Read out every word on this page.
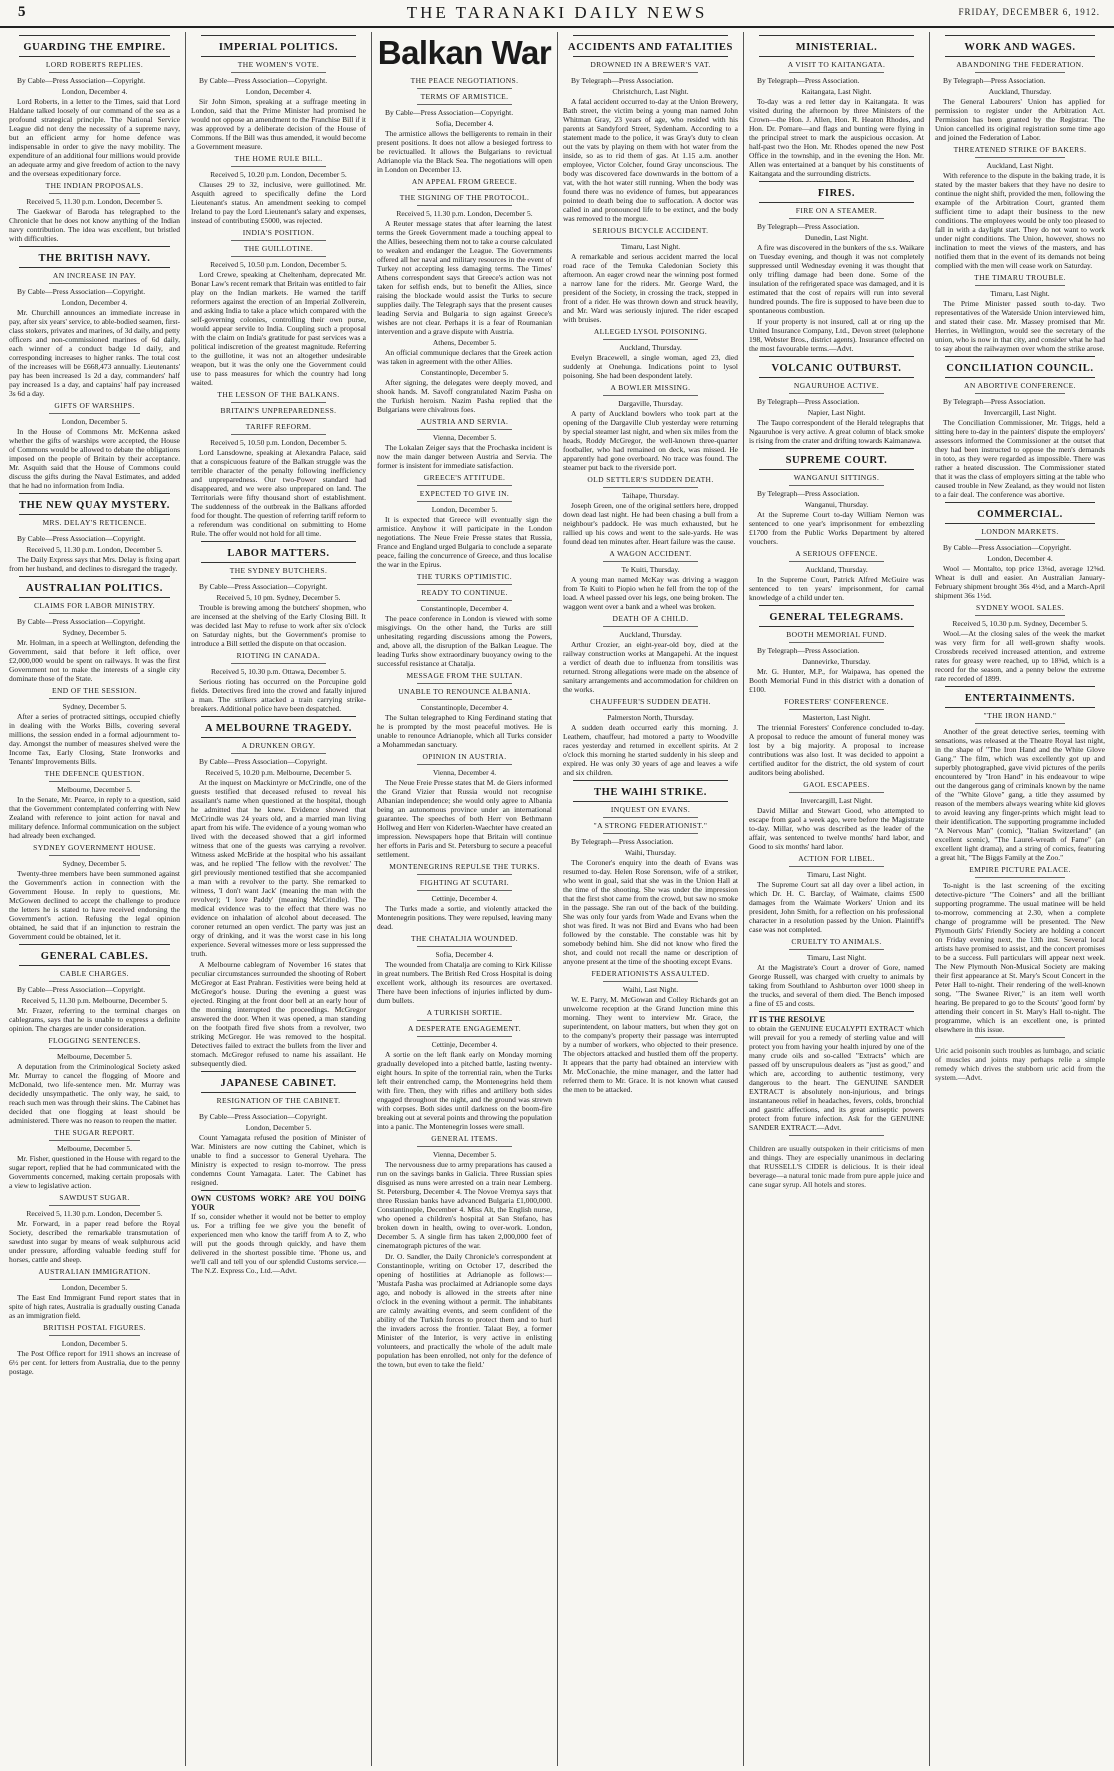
5	THE TARANAKI DAILY NEWS	FRIDAY, DECEMBER 6, 1912.
GUARDING THE EMPIRE.
LORD ROBERTS REPLIES.
By Cable—Press Association—Copyright.
London, December 4.

Lord Roberts, in a letter to the Times, said that Lord Haldane talked loosely of our command of the sea as a profound strategical principle. The National Service League did not deny the necessity of a supreme navy, but an efficient army for home defence was indispensable in order to give the navy mobility. The expenditure of an additional four millions would provide an adequate army and give freedom of action to the navy and the overseas expeditionary force.

THE INDIAN PROPOSALS.
Received 5, 11.30 p.m. London, December 5.

The Gaekwar of Baroda has telegraphed to the Chronicle that he does not know anything of the Indian navy contribution. The idea was excellent, but bristled with difficulties.

THE BRITISH NAVY.
AN INCREASE IN PAY.
By Cable—Press Association—Copyright.
London, December 4.

Mr. Churchill announces an immediate increase in pay, after six years' service, to able-bodied seamen, first-class stokers, privates and marines, of 3d daily, and petty officers and non-commissioned marines of 6d daily, each winner of a conduct badge 1d daily, and corresponding increases to higher ranks. The total cost of the increases will be £668,473 annually. Lieutenants' pay has been increased 1s 2d a day, commanders' half pay increased 1s a day, and captains' half pay increased 3s 6d a day.

GIFTS OF WARSHIPS.
London, December 5.

In the House of Commons Mr. McKenna asked whether the gifts of warships were accepted, the House of Commons would be allowed to debate the obligations imposed on the people of Britain by their acceptance. Mr. Asquith said that the House of Commons could discuss the gifts during the Naval Estimates, and added that he had no information from India.

THE NEW QUAY MYSTERY.
MRS. DELAY'S RETICENCE.
By Cable—Press Association—Copyright.
Received 5, 11.30 p.m. London, December 5.

The Daily Express says that Mrs. Delay is fixing apart from her husband, and declines to disregard the tragedy.

AUSTRALIAN POLITICS.
CLAIMS FOR LABOR MINISTRY.
By Cable—Press Association—Copyright.
Sydney, December 5.

Mr. Holman, in a speech at Wellington, defending the Government, said that before it left office, over £2,000,000 would be spent on railways. It was the first Government not to make the interests of a single city dominate those of the State.

END OF THE SESSION.
Sydney, December 5.

After a series of protracted sittings, occupied chiefly in dealing with the Works Bills, covering several millions, the session ended in a formal adjournment to-day. Amongst the number of measures shelved were the Income Tax, Early Closing, State Ironworks and Tenants' Improvements Bills.

THE DEFENCE QUESTION.
Melbourne, December 5.

In the Senate, Mr. Pearce, in reply to a question, said that the Government contemplated conferring with New Zealand with reference to joint action for naval and military defence. Informal communication on the subject had already been exchanged.

SYDNEY GOVERNMENT HOUSE.
Sydney, December 5.

Twenty-three members have been summoned against the Government's action in connection with the Government House. In reply to questions, Mr. McGowen declined to accept the challenge to produce the letters he is stated to have received endorsing the Government's action. Refusing the legal opinion obtained, he said that if an injunction to restrain the Government could be obtained, let it.

GENERAL CABLES.
CABLE CHARGES.
By Cable—Press Association—Copyright.
Received 5, 11.30 p.m. Melbourne, December 5.

Mr. Frazer, referring to the terminal charges on cablegrams, says that he is unable to express a definite opinion. The charges are under consideration.

FLOGGING SENTENCES.
Melbourne, December 5.

A deputation from the Criminological Society asked Mr. Murray to cancel the flogging of Moore and McDonald, two life-sentence men. Mr. Murray was decidedly unsympathetic. The only way, he said, to reach such men was through their skins. The Cabinet has decided that one flogging at least should be administered. There was no reason to reopen the matter.

THE SUGAR REPORT.
Melbourne, December 5.

Mr. Fisher, questioned in the House with regard to the sugar report, replied that he had communicated with the Governments concerned, making certain proposals with a view to legislative action.

SAWDUST SUGAR.
Received 5, 11.30 p.m. London, December 5.

Mr. Forward, in a paper read before the Royal Society, described the remarkable transmutation of sawdust into sugar by means of weak sulphurous acid under pressure, affording valuable feeding stuff for horses, cattle and sheep.

AUSTRALIAN IMMIGRATION.
London, December 5.

The East End Immigrant Fund report states that in spite of high rates, Australia is gradually ousting Canada as an immigration field.

BRITISH POSTAL FIGURES.
London, December 5.

The Post Office report for 1911 shows an increase of 6½ per cent. for letters from Australia, due to the penny postage.

IMPERIAL POLITICS.
THE WOMEN'S VOTE.
By Cable—Press Association—Copyright.
London, December 4.

Sir John Simon, speaking at a suffrage meeting in London, said that the Prime Minister had promised he would not oppose an amendment to the Franchise Bill if it was approved by a deliberate decision of the House of Commons. If the Bill was thus amended, it would become a Government measure.

THE HOME RULE BILL.
Received 5, 10.20 p.m. London, December 5.

Clauses 29 to 32, inclusive, were guillotined. Mr. Asquith agreed to specifically define the Lord Lieutenant's status. An amendment seeking to compel Ireland to pay the Lord Lieutenant's salary and expenses, instead of contributing £5000, was rejected.

INDIA'S POSITION.
THE GUILLOTINE.
Received 5, 10.50 p.m. London, December 5.

Lord Crewe, speaking at Cheltenham, deprecated Mr. Bonar Law's recent remark that Britain was entitled to fair play on the Indian markets. He warned the tariff reformers against the erection of an Imperial Zollverein, and asking India to take a place which compared with the self-governing colonies, controlling their own purse, would appear servile to India. Coupling such a proposal with the claim on India's gratitude for past services was a political indiscretion of the greatest magnitude. Referring to the guillotine, it was not an altogether undesirable weapon, but it was the only one the Government could use to pass measures for which the country had long waited.

THE LESSON OF THE BALKANS.
BRITAIN'S UNPREPAREDNESS.
TARIFF REFORM.
Received 5, 10.50 p.m. London, December 5.

Lord Lansdowne, speaking at Alexandra Palace, said that a conspicuous feature of the Balkan struggle was the terrible character of the penalty following inefficiency and unpreparedness. Our two-Power standard had disappeared, and we were also unprepared on land. The Territorials were fifty thousand short of establishment. The suddenness of the outbreak in the Balkans afforded food for thought. The question of referring tariff reform to a referendum was conditional on submitting to Home Rule. The offer would not hold for all time.

LABOR MATTERS.
THE SYDNEY BUTCHERS.
By Cable—Press Association—Copyright.
Received 5, 10 pm. Sydney, December 5.

Trouble is brewing among the butchers' shopmen, who are incensed at the shelving of the Early Closing Bill. It was decided last May to refuse to work after six o'clock on Saturday nights, but the Government's promise to introduce a Bill settled the dispute on that occasion.

RIOTING IN CANADA.
Received 5, 10.30 p.m. Ottawa, December 5.

Serious rioting has occurred on the Porcupine gold fields. Detectives fired into the crowd and fatally injured a man. The strikers attacked a train carrying strike-breakers. Additional police have been despatched.

A MELBOURNE TRAGEDY.
A DRUNKEN ORGY.
By Cable—Press Association—Copyright.
Received 5, 10.20 p.m. Melbourne, December 5.

At the inquest on Mackintyre or McCrindle, one of the guests testified that deceased refused to reveal his assailant's name when questioned at the hospital, though he admitted that he knew. Evidence showed that McCrindle was 24 years old, and a married man living apart from his wife. The evidence of a young woman who lived with the deceased showed that a girl informed witness that one of the guests was carrying a revolver. Witness asked McBride at the hospital who his assailant was, and he replied 'The fellow with the revolver.' The girl previously mentioned testified that she accompanied a man with a revolver to the party. She remarked to witness, 'I don't want Jack' (meaning the man with the revolver); 'I love Paddy' (meaning McCrindle). The medical evidence was to the effect that there was no evidence on inhalation of alcohol about deceased. The coroner returned an open verdict. The party was just an orgy of drinking, and it was the worst case in his long experience. Several witnesses more or less suppressed the truth.

A Melbourne cablegram of November 16 states that peculiar circumstances surrounded the shooting of Robert McGregor at East Prahran. Festivities were being held at McGregor's house. During the evening a guest was ejected. Ringing at the front door bell at an early hour of the morning interrupted the proceedings. McGregor answered the door. When it was opened, a man standing on the footpath fired five shots from a revolver, two striking McGregor. He was removed to the hospital. Detectives failed to extract the bullets from the liver and stomach. McGregor refused to name his assailant. He subsequently died.

JAPANESE CABINET.
RESIGNATION OF THE CABINET.
By Cable—Press Association—Copyright.
London, December 5.

Count Yamagata refused the position of Minister of War. Ministers are now cutting the Cabinet, which is unable to find a successor to General Uyehara. The Ministry is expected to resign to-morrow. The press condemns Count Yamagata. Later. The Cabinet has resigned.

OWN CUSTOMS WORK? ARE YOU DOING YOUR
If so, consider whether it would not be better to employ us. For a trifling fee we give you the benefit of experienced men who know the tariff from A to Z, who will put the goods through quickly, and have them delivered in the shortest possible time. 'Phone us, and we'll call and tell you of our splendid Customs service.—The N.Z. Express Co., Ltd.—Advt.
Balkan War
THE PEACE NEGOTIATIONS.
TERMS OF ARMISTICE.
By Cable—Press Association—Copyright.
Sofia, December 4.

The armistice allows the belligerents to remain in their present positions. It does not allow a besieged fortress to be revictualled. It allows the Bulgarians to revictual Adrianople via the Black Sea. The negotiations will open in London on December 13.

AN APPEAL FROM GREECE.
THE SIGNING OF THE PROTOCOL.
Received 5, 11.30 p.m. London, December 5.

A Reuter message states that after learning the latest terms the Greek Government made a touching appeal to the Allies, beseeching them not to take a course calculated to weaken and endanger the League. The Governments offered all her naval and military resources in the event of Turkey not accepting less damaging terms. The Times' Athens correspondent says that Greece's action was not taken for selfish ends, but to benefit the Allies, since raising the blockade would assist the Turks to secure supplies daily. The Telegraph says that the present causes leading Servia and Bulgaria to sign against Greece's wishes are not clear. Perhaps it is a fear of Roumanian intervention and a grave dispute with Austria.

Athens, December 5.

An official communique declares that the Greek action was taken in agreement with the other Allies.

Constantinople, December 5.

After signing, the delegates were deeply moved, and shook hands. M. Savoff congratulated Nazim Pasha on the Turkish heroism. Nazim Pasha replied that the Bulgarians were chivalrous foes.

AUSTRIA AND SERVIA.
Vienna, December 5.

The Lokalan Zeiger says that the Prochaska incident is now the main danger between Austria and Servia. The former is insistent for immediate satisfaction.

GREECE'S ATTITUDE.
EXPECTED TO GIVE IN.
London, December 5.

It is expected that Greece will eventually sign the armistice. Anyhow it will participate in the London negotiations. The Neue Freie Presse states that Russia, France and England urged Bulgaria to conclude a separate peace, failing the concurrence of Greece, and thus localise the war in the Epirus.

THE TURKS OPTIMISTIC.
READY TO CONTINUE.
Constantinople, December 4.

The peace conference in London is viewed with some misgivings. On the other hand, the Turks are still unhesitating regarding discussions among the Powers, and, above all, the disruption of the Balkan League. The leading Turks show extraordinary buoyancy owing to the successful resistance at Chatalja.

MESSAGE FROM THE SULTAN.
UNABLE TO RENOUNCE ALBANIA.
Constantinople, December 4.

The Sultan telegraphed to King Ferdinand stating that he is prompted by the most peaceful motives. He is unable to renounce Adrianople, which all Turks consider a Mohammedan sanctuary.

OPINION IN AUSTRIA.
Vienna, December 4.

The Neue Freie Presse states that M. de Giers informed the Grand Vizier that Russia would not recognise Albanian independence; she would only agree to Albania being an autonomous province under an international guarantee. The speeches of both Herr von Bethmann Hollweg and Herr von Kiderlen-Waechter have created an impression. Newspapers hope that Britain will continue her efforts in Paris and St. Petersburg to secure a peaceful settlement.

MONTENEGRINS REPULSE THE TURKS.
FIGHTING AT SCUTARI.
Cettinje, December 4.

The Turks made a sortie, and violently attacked the Montenegrin positions. They were repulsed, leaving many dead.

THE CHATALJIA WOUNDED.
Sofia, December 4.

The wounded from Chatalja are coming to Kirk Kilisse in great numbers. The British Red Cross Hospital is doing excellent work, although its resources are overtaxed. There have been infections of injuries inflicted by dum-dum bullets.

A TURKISH SORTIE.
A DESPERATE ENGAGEMENT.
Cettinje, December 4.

A sortie on the left flank early on Monday morning gradually developed into a pitched battle, lasting twenty-eight hours. In spite of the torrential rain, when the Turks left their entrenched camp, the Montenegrins held them with fire. Then, they with rifles and artillery both sides engaged throughout the night, and the ground was strewn with corpses. Both sides until darkness on the boom-fire breaking out at several points and throwing the population into a panic. The Montenegrin losses were small.

GENERAL ITEMS.
Vienna, December 5.

The nervousness due to army preparations has caused a run on the savings banks in Galicia. Three Russian spies disguised as nuns were arrested on a train near Lemberg. St. Petersburg, December 4. The Novoe Vremya says that three Russian banks have advanced Bulgaria £1,000,000. Constantinople, December 4. Miss Alt, the English nurse, who opened a children's hospital at San Stefano, has broken down in health, owing to over-work. London, December 5. A single firm has taken 2,000,000 feet of cinematograph pictures of the war.

Dr. O. Sandler, the Daily Chronicle's correspondent at Constantinople, writing on October 17, described the opening of hostilities at Adrianople as follows:— 'Mustafa Pasha was proclaimed at Adrianople some days ago, and nobody is allowed in the streets after nine o'clock in the evening without a permit. The inhabitants are calmly awaiting events, and seem confident of the ability of the Turkish forces to protect them and to hurl the invaders across the frontier. Talaat Bey, a former Minister of the Interior, is very active in enlisting volunteers, and practically the whole of the adult male population has been enrolled, not only for the defence of the town, but even to take the field.'

ACCIDENTS AND FATALITIES
DROWNED IN A BREWER'S VAT.
By Telegraph—Press Association.
Christchurch, Last Night.

A fatal accident occurred to-day at the Union Brewery, Bath street, the victim being a young man named John Whitman Gray, 23 years of age, who resided with his parents at Sandyford Street, Sydenham. According to a statement made to the police, it was Gray's duty to clean out the vats by playing on them with hot water from the inside, so as to rid them of gas. At 1.15 a.m. another employee, Victor Colcher, found Gray unconscious. The body was discovered face downwards in the bottom of a vat, with the hot water still running. When the body was found there was no evidence of fumes, but appearances pointed to death being due to suffocation. A doctor was called in and pronounced life to be extinct, and the body was removed to the morgue.

SERIOUS BICYCLE ACCIDENT.
Timaru, Last Night.

A remarkable and serious accident marred the local road race of the Temuka Caledonian Society this afternoon. An eager crowd near the winning post formed a narrow lane for the riders. Mr. George Ward, the president of the Society, in crossing the track, stepped in front of a rider. He was thrown down and struck heavily, and Mr. Ward was seriously injured. The rider escaped with bruises.

ALLEGED LYSOL POISONING.
Auckland, Thursday.

Evelyn Bracewell, a single woman, aged 23, died suddenly at Onehunga. Indications point to lysol poisoning. She had been despondent lately.

A BOWLER MISSING.
Dargaville, Thursday.

A party of Auckland bowlers who took part at the opening of the Dargaville Club yesterday were returning by special steamer last night, and when six miles from the heads, Roddy McGregor, the well-known three-quarter footballer, who had remained on deck, was missed. He apparently had gone overboard. No trace was found. The steamer put back to the riverside port.

OLD SETTLER'S SUDDEN DEATH.
Taihape, Thursday.

Joseph Green, one of the original settlers here, dropped down dead last night. He had been chasing a bull from a neighbour's paddock. He was much exhausted, but he rallied up his cows and went to the sale-yards. He was found dead ten minutes after. Heart failure was the cause.

A WAGON ACCIDENT.
Te Kuiti, Thursday.

A young man named McKay was driving a waggon from Te Kuiti to Piopio when he fell from the top of the load. A wheel passed over his legs, one being broken. The waggon went over a bank and a wheel was broken.

DEATH OF A CHILD.
Auckland, Thursday.

Arthur Crozier, an eight-year-old boy, died at the railway construction works at Mangapehi. At the inquest a verdict of death due to influenza from tonsilitis was returned. Strong allegations were made on the absence of sanitary arrangements and accommodation for children on the works.

CHAUFFEUR'S SUDDEN DEATH.
Palmerston North, Thursday.

A sudden death occurred early this morning. J. Leathem, chauffeur, had motored a party to Woodville races yesterday and returned in excellent spirits. At 2 o'clock this morning he started suddenly in his sleep and expired. He was only 30 years of age and leaves a wife and six children.

THE WAIHI STRIKE.
INQUEST ON EVANS.
"A STRONG FEDERATIONIST."
By Telegraph—Press Association.
Waihi, Thursday.

The Coroner's enquiry into the death of Evans was resumed to-day. Helen Rose Sorenson, wife of a striker, who went in goal, said that she was in the Union Hall at the time of the shooting. She was under the impression that the first shot came from the crowd, but saw no smoke in the passage. She ran out of the back of the building. She was only four yards from Wade and Evans when the shot was fired. It was not Bird and Evans who had been followed by the constable. The constable was hit by somebody behind him. She did not know who fired the shot, and could not recall the name or description of anyone present at the time of the shooting except Evans.

FEDERATIONISTS ASSAULTED.
Waihi, Last Night.

W. E. Parry, M. McGowan and Colley Richards got an unwelcome reception at the Grand Junction mine this morning. They went to interview Mr. Grace, the superintendent, on labour matters, but when they got on to the company's property their passage was interrupted by a number of workers, who objected to their presence. The objectors attacked and hustled them off the property. It appears that the party had obtained an interview with Mr. McConachie, the mine manager, and the latter had referred them to Mr. Grace. It is not known what caused the men to be attacked.

MINISTERIAL.
A VISIT TO KAITANGATA.
By Telegraph—Press Association.
Kaitangata, Last Night.

To-day was a red letter day in Kaitangata. It was visited during the afternoon by three Ministers of the Crown—the Hon. J. Allen, Hon. R. Heaton Rhodes, and Hon. Dr. Pomare—and flags and bunting were flying in the principal street to mark the auspicious occasion. At half-past two the Hon. Mr. Rhodes opened the new Post Office in the township, and in the evening the Hon. Mr. Allen was entertained at a banquet by his constituents of Kaitangata and the surrounding districts.

FIRES.
FIRE ON A STEAMER.
By Telegraph—Press Association.
Dunedin, Last Night.

A fire was discovered in the bunkers of the s.s. Waikare on Tuesday evening, and though it was not completely suppressed until Wednesday evening it was thought that only trifling damage had been done. Some of the insulation of the refrigerated space was damaged, and it is estimated that the cost of repairs will run into several hundred pounds. The fire is supposed to have been due to spontaneous combustion.

If your property is not insured, call at or ring up the United Insurance Company, Ltd., Devon street (telephone 198, Webster Bros., district agents). Insurance effected on the most favourable terms.—Advt.

VOLCANIC OUTBURST.
NGAURUHOE ACTIVE.
By Telegraph—Press Association.
Napier, Last Night.

The Taupo correspondent of the Herald telegraphs that Ngauruhoe is very active. A great column of black smoke is rising from the crater and drifting towards Kaimanawa.

SUPREME COURT.
WANGANUI SITTINGS.
By Telegraph—Press Association.
Wanganui, Thursday.

At the Supreme Court to-day William Nernon was sentenced to one year's imprisonment for embezzling £1700 from the Public Works Department by altered vouchers.

A SERIOUS OFFENCE.
Auckland, Thursday.

In the Supreme Court, Patrick Alfred McGuire was sentenced to ten years' imprisonment, for carnal knowledge of a child under ten.

GENERAL TELEGRAMS.
BOOTH MEMORIAL FUND.
By Telegraph—Press Association.
Dannevirke, Thursday.

Mr. G. Hunter, M.P., for Waipawa, has opened the Booth Memorial Fund in this district with a donation of £100.

FORESTERS' CONFERENCE.
Masterton, Last Night.

The triennial Foresters' Conference concluded to-day. A proposal to reduce the amount of funeral money was lost by a big majority. A proposal to increase contributions was also lost. It was decided to appoint a certified auditor for the district, the old system of court auditors being abolished.

GAOL ESCAPEES.
Invercargill, Last Night.

David Millar and Stewart Good, who attempted to escape from gaol a week ago, were before the Magistrate to-day. Millar, who was described as the leader of the affair, was sentenced to twelve months' hard labor, and Good to six months' hard labor.

ACTION FOR LIBEL.
Timaru, Last Night.

The Supreme Court sat all day over a libel action, in which Dr. H. C. Barclay, of Waimate, claims £500 damages from the Waimate Workers' Union and its president, John Smith, for a reflection on his professional character in a resolution passed by the Union. Plaintiff's case was not completed.

CRUELTY TO ANIMALS.
Timaru, Last Night.

At the Magistrate's Court a drover of Gore, named George Russell, was charged with cruelty to animals by taking from Southland to Ashburton over 1000 sheep in the trucks, and several of them died. The Bench imposed a fine of £5 and costs.

IT IS THE RESOLVE
to obtain the GENUINE EUCALYPTI EXTRACT which will prevail for you a remedy of sterling value and will protect you from having your health injured by one of the many crude oils and so-called "Extracts" which are passed off by unscrupulous dealers as "just as good," and which are, according to authentic testimony, very dangerous to the heart. The GENUINE SANDER EXTRACT is absolutely non-injurious, and brings instantaneous relief in headaches, fevers, colds, bronchial and gastric affections, and its great antiseptic powers protect from future infection. Ask for the GENUINE SANDER EXTRACT.—Advt.

Children are usually outspoken in their criticisms of men and things. They are especially unanimous in declaring that RUSSELL'S CIDER is delicious. It is their ideal beverage—a natural tonic made from pure apple juice and cane sugar syrup. All hotels and stores.

WORK AND WAGES.
ABANDONING THE FEDERATION.
By Telegraph—Press Association.
Auckland, Thursday.

The General Labourers' Union has applied for permission to register under the Arbitration Act. Permission has been granted by the Registrar. The Union cancelled its original registration some time ago and joined the Federation of Labor.

THREATENED STRIKE OF BAKERS.
Auckland, Last Night.

With reference to the dispute in the baking trade, it is stated by the master bakers that they have no desire to continue the night shift, provided the men, following the example of the Arbitration Court, granted them sufficient time to adapt their business to the new conditions. The employees would be only too pleased to fall in with a daylight start. They do not want to work under night conditions. The Union, however, shows no inclination to meet the views of the masters, and has notified them that in the event of its demands not being complied with the men will cease work on Saturday.

THE TIMARU TROUBLE.
Timaru, Last Night.

The Prime Minister passed south to-day. Two representatives of the Waterside Union interviewed him, and stated their case. Mr. Massey promised that Mr. Herries, in Wellington, would see the secretary of the union, who is now in that city, and consider what he had to say about the railwaymen over whom the strike arose.

CONCILIATION COUNCIL.
AN ABORTIVE CONFERENCE.
By Telegraph—Press Association.
Invercargill, Last Night.

The Conciliation Commissioner, Mr. Triggs, held a sitting here to-day in the painters' dispute the employers' assessors informed the Commissioner at the outset that they had been instructed to oppose the men's demands in toto, as they were regarded as impossible. There was rather a heated discussion. The Commissioner stated that it was the class of employers sitting at the table who caused trouble in New Zealand, as they would not listen to a fair deal. The conference was abortive.

COMMERCIAL.
LONDON MARKETS.
By Cable—Press Association—Copyright.
London, December 4.

Wool — Montalto, top price 13⅛d, average 12⅝d. Wheat is dull and easier. An Australian January-February shipment brought 36s 4½d, and a March-April shipment 36s 1½d.

SYDNEY WOOL SALES.
Received 5, 10.30 p.m. Sydney, December 5.

Wool.—At the closing sales of the week the market was very firm for all well-grown shafty wools. Crossbreds received increased attention, and extreme rates for greasy were reached, up to 18⅜d, which is a record for the season, and a penny below the extreme rate recorded of 1899.

ENTERTAINMENTS.
"THE IRON HAND."

Another of the great detective series, teeming with sensations, was released at the Theatre Royal last night, in the shape of "The Iron Hand and the White Glove Gang." The film, which was excellently got up and superbly photographed, gave vivid pictures of the perils encountered by "Iron Hand" in his endeavour to wipe out the dangerous gang of criminals known by the name of the "White Glove" gang, a title they assumed by reason of the members always wearing white kid gloves to avoid leaving any finger-prints which might lead to their identification. The supporting programme included "A Nervous Man" (comic), "Italian Switzerland" (an excellent scenic), "The Laurel-wreath of Fame" (an excellent light drama), and a string of comics, featuring a great hit, "The Biggs Family at the Zoo."

EMPIRE PICTURE PALACE.

To-night is the last screening of the exciting detective-picture "The Coiners" and all the brilliant supporting programme. The usual matinee will be held to-morrow, commencing at 2.30, when a complete change of programme will be presented. The New Plymouth Girls' Friendly Society are holding a concert on Friday evening next, the 13th inst. Several local artists have promised to assist, and the concert promises to be a success. Full particulars will appear next week. The New Plymouth Non-Musical Society are making their first appearance at St. Mary's Scout Concert in the Peter Hall to-night. Their rendering of the well-known song, "The Swanee River," is an item well worth hearing. Be prepared to go to the Scouts' 'good form' by attending their concert in St. Mary's Hall to-night. The programme, which is an excellent one, is printed elsewhere in this issue.

Uric acid poisonin such troubles as lumbago, and sciatic of muscles and joints may perhaps relie a simple remedy which drives the stubborn uric acid from the system.—Advt.
